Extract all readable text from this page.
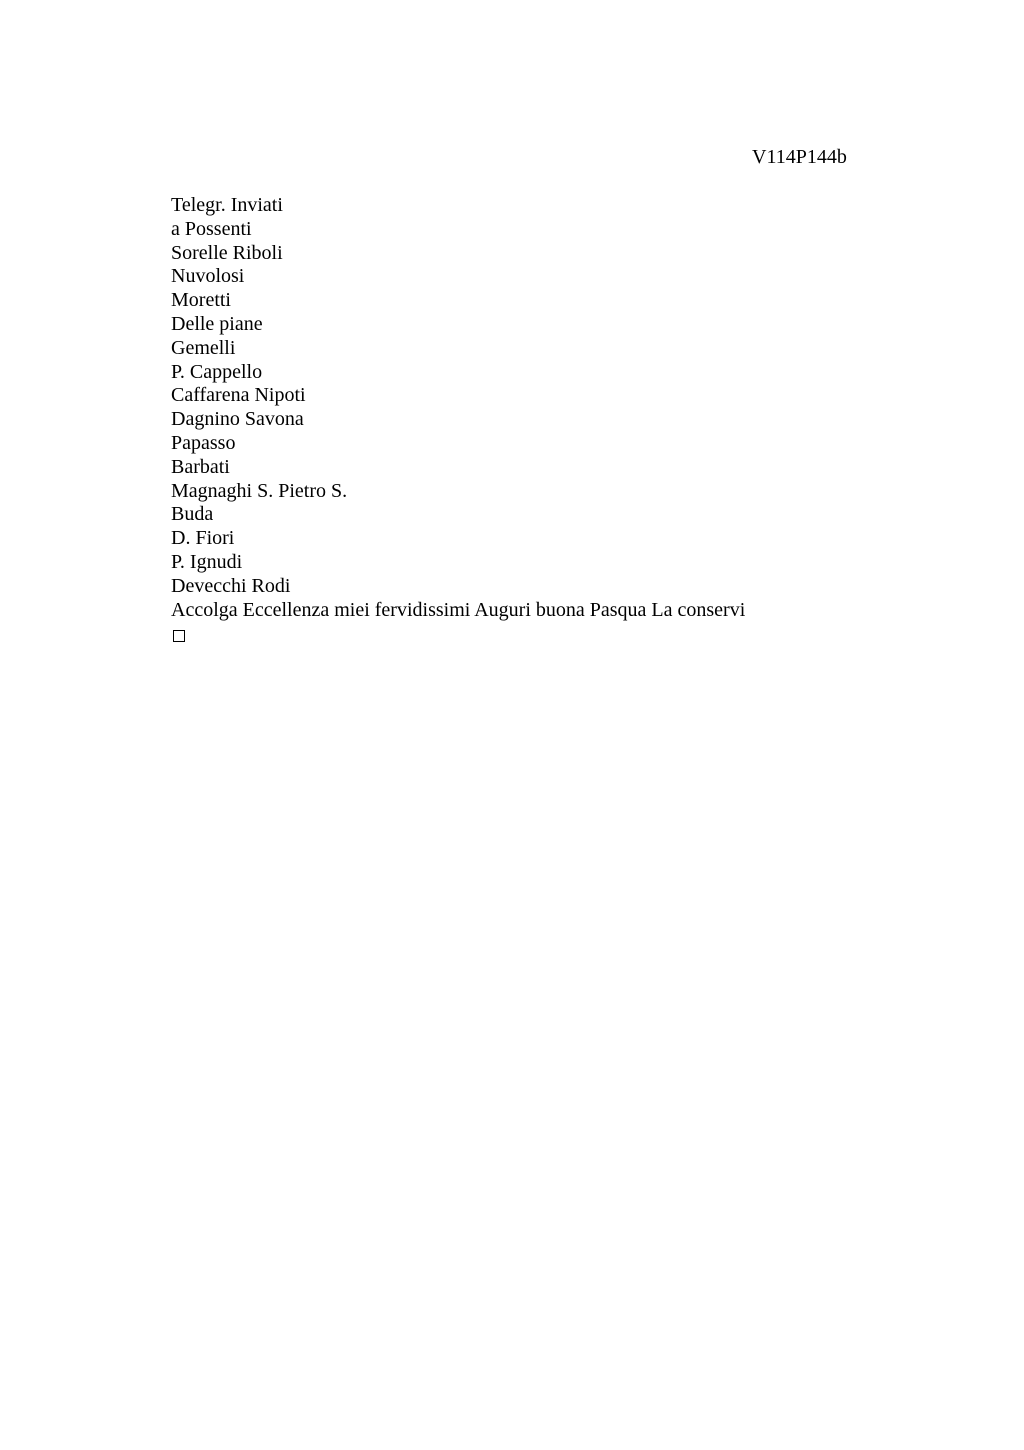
V114P144b
Telegr. Inviati
a Possenti
Sorelle Riboli
Nuvolosi
Moretti
Delle piane
Gemelli
P. Cappello
Caffarena Nipoti
Dagnino Savona
Papasso
Barbati
Magnaghi S. Pietro S.
Buda
D. Fiori
P. Ignudi
Devecchi Rodi
Accolga Eccellenza miei fervidissimi Auguri buona Pasqua La conservi
